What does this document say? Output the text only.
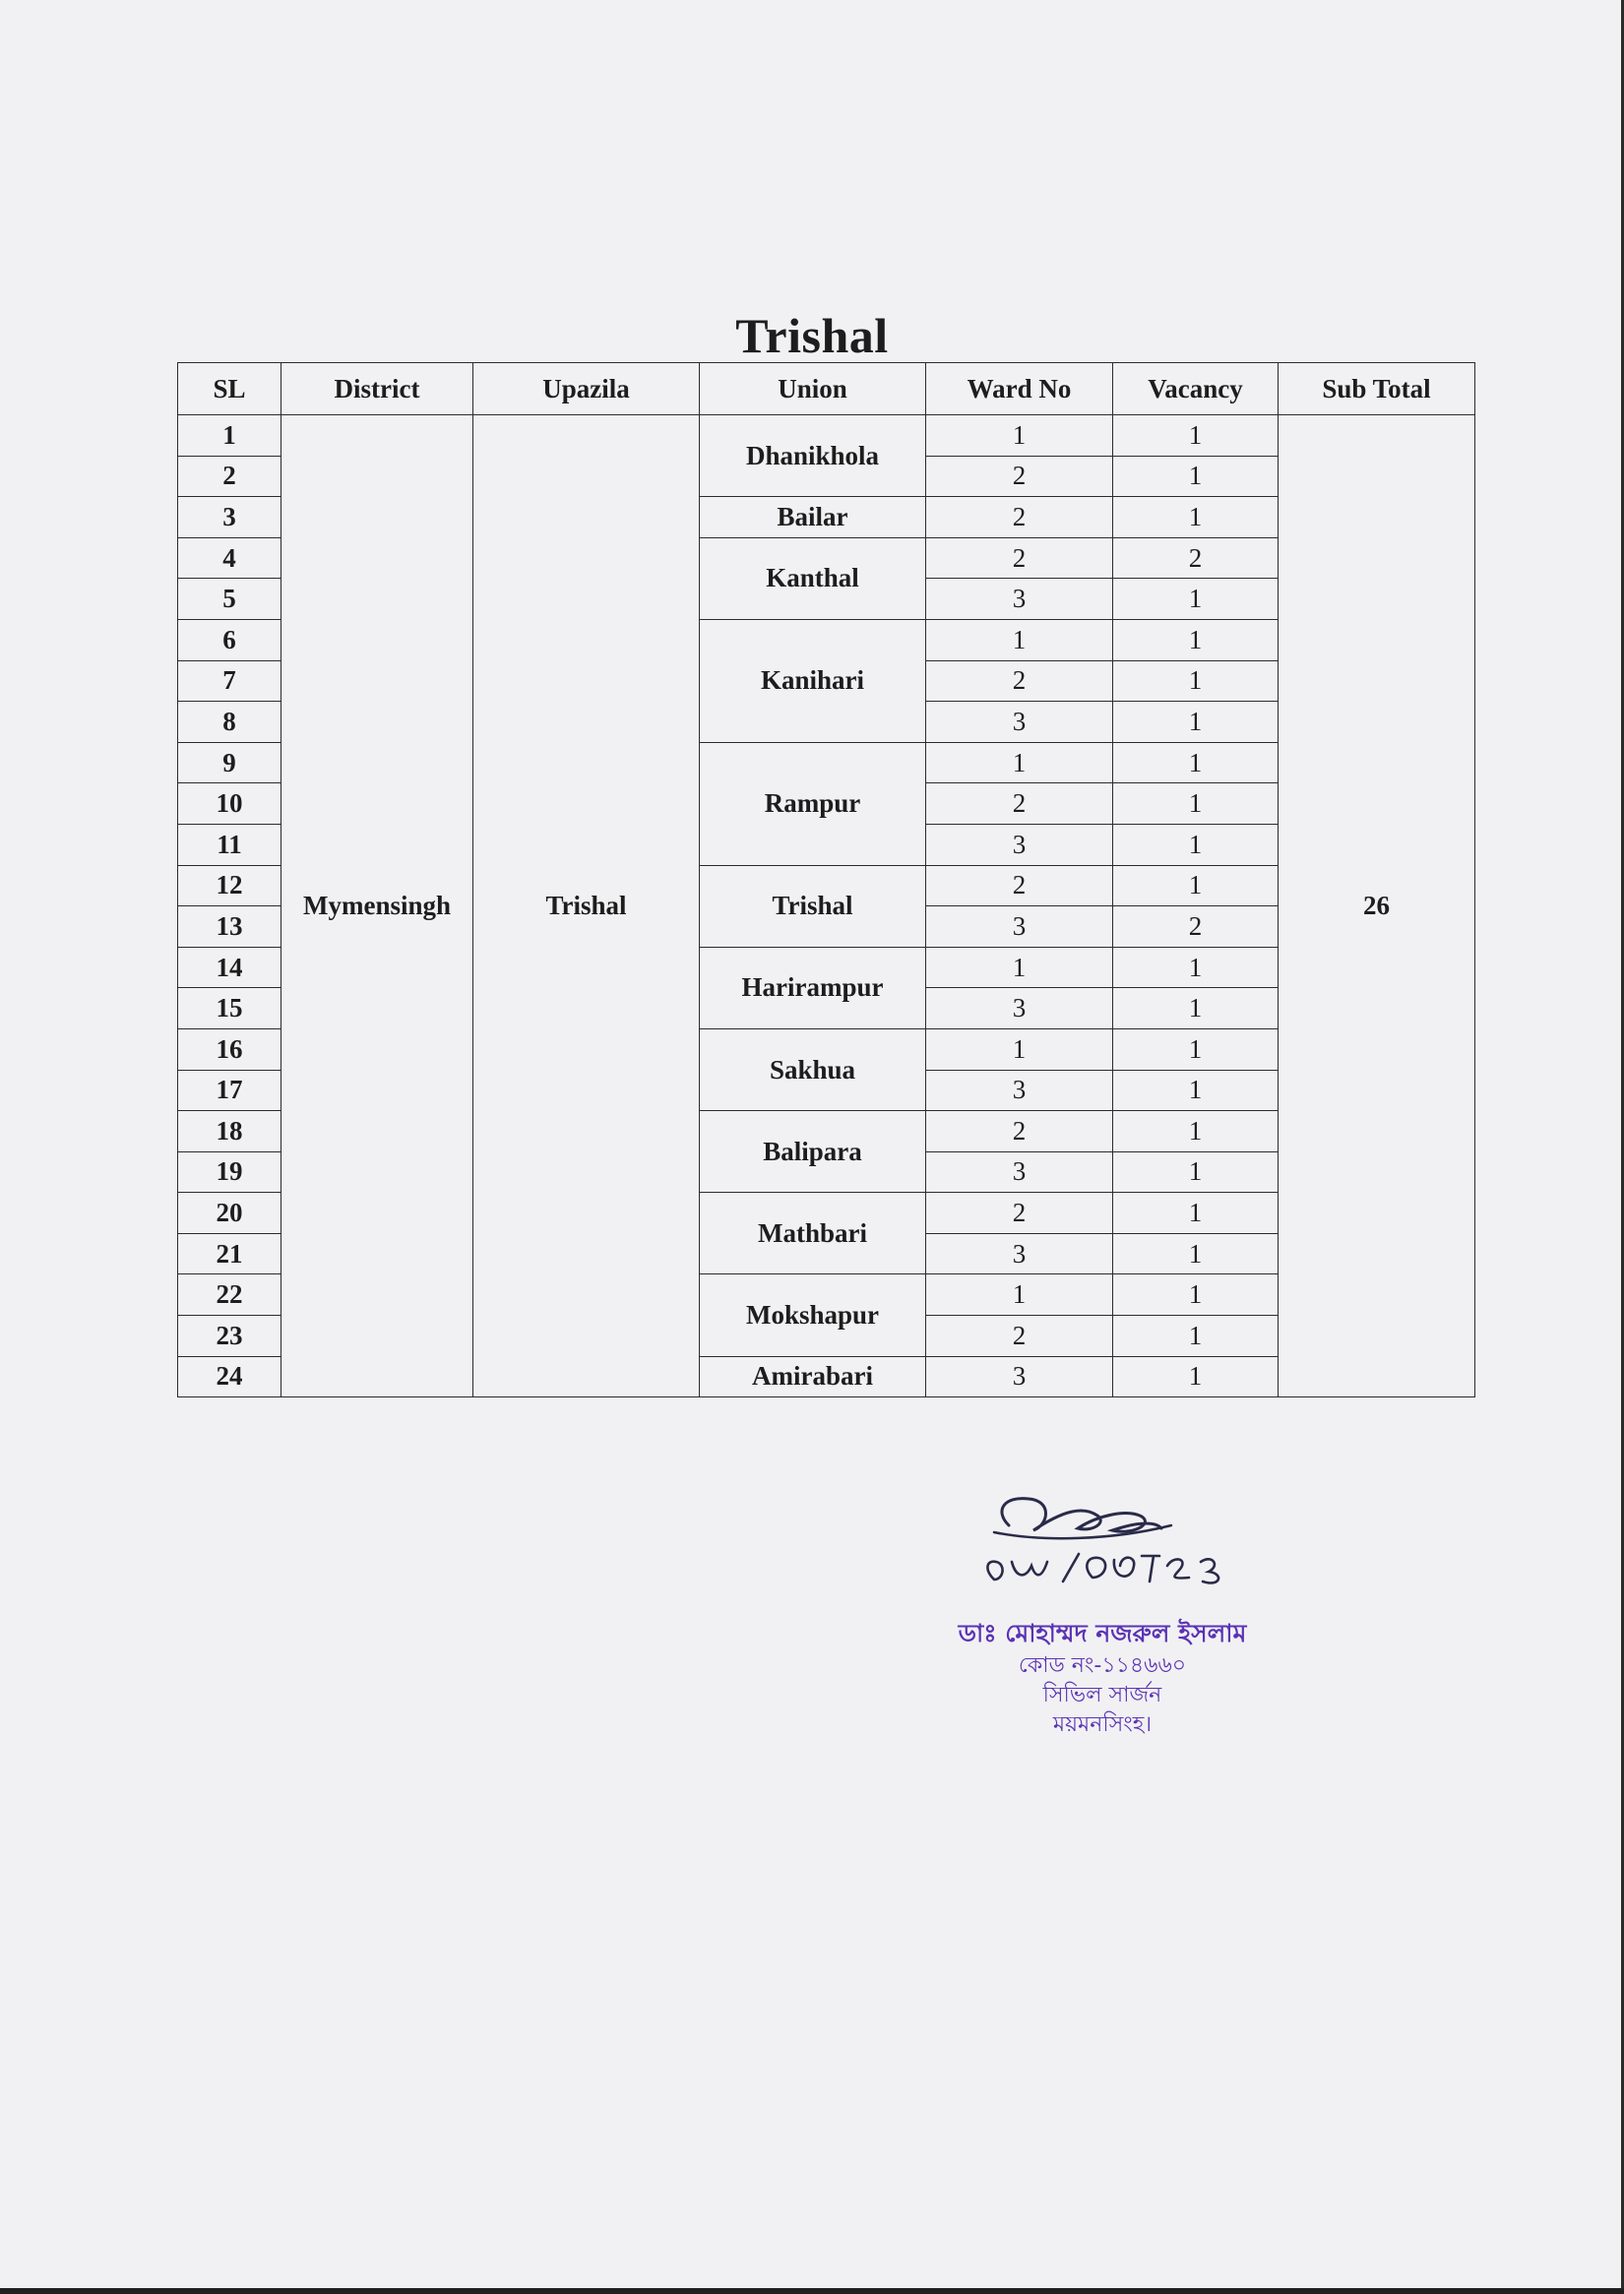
Trishal
SL	District	Upazila	Union	Ward No	Vacancy	Sub Total
1	Mymensingh	Trishal	Dhanikhola	1	1	26
2				2	1	
3			Bailar	2	1	
4			Kanthal	2	2	
5				3	1	
6			Kanihari	1	1	
7				2	1	
8				3	1	
9			Rampur	1	1	
10				2	1	
11				3	1	
12			Trishal	2	1	
13				3	2	
14			Harirampur	1	1	
15				3	1	
16			Sakhua	1	1	
17				3	1	
18			Balipara	2	1	
19				3	1	
20			Mathbari	2	1	
21				3	1	
22			Mokshapur	1	1	
23				2	1	
24			Amirabari	3	1	
ডাঃ মোহাম্মদ নজরুল ইসলাম
কোড নং-১১৪৬৬০
সিভিল সার্জন
ময়মনসিংহ।
